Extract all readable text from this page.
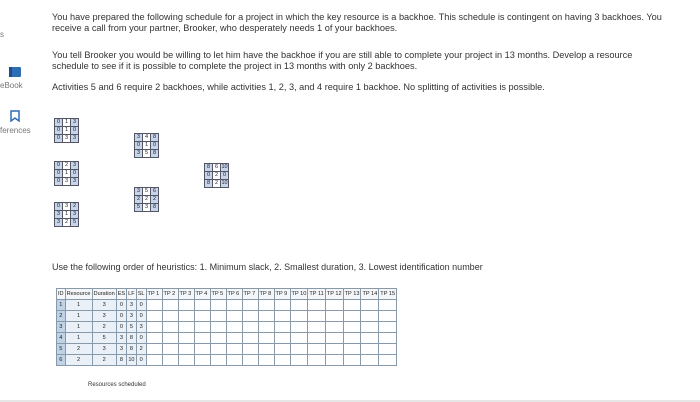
s
eBook
ferences
You have prepared the following schedule for a project in which the key resource is a backhoe. This schedule is contingent on having 3 backhoes. You receive a call from your partner, Brooker, who desperately needs 1 of your backhoes.
You tell Brooker you would be willing to let him have the backhoe if you are still able to complete your project in 13 months. Develop a resource schedule to see if it is possible to complete the project in 13 months with only 2 backhoes.
Activities 5 and 6 require 2 backhoes, while activities 1, 2, 3, and 4 require 1 backhoe. No splitting of activities is possible.
0	1	3
0	1	0
0	3	3
0	2	3
0	1	0
0	3	3
0	3	2
3	1	3
3	2	5
3	4	8
0	1	0
3	5	8
3	5	6
2	2	2
5	3	8
8	6	10
0	2	0
8	2	10
Use the following order of heuristics: 1. Minimum slack, 2. Smallest duration, 3. Lowest identification number
ID	Resource	Duration	ES	LF	SL	TP 1	TP 2	TP 3	TP 4	TP 5	TP 6	TP 7	TP 8	TP 9	TP 10	TP 11	TP 12	TP 13	TP 14	TP 15
1	1	3	0	3	0															
2	1	3	0	3	0															
3	1	2	0	5	3															
4	1	5	3	8	0															
5	2	3	3	8	2															
6	2	2	8	10	0															
Resources scheduled
